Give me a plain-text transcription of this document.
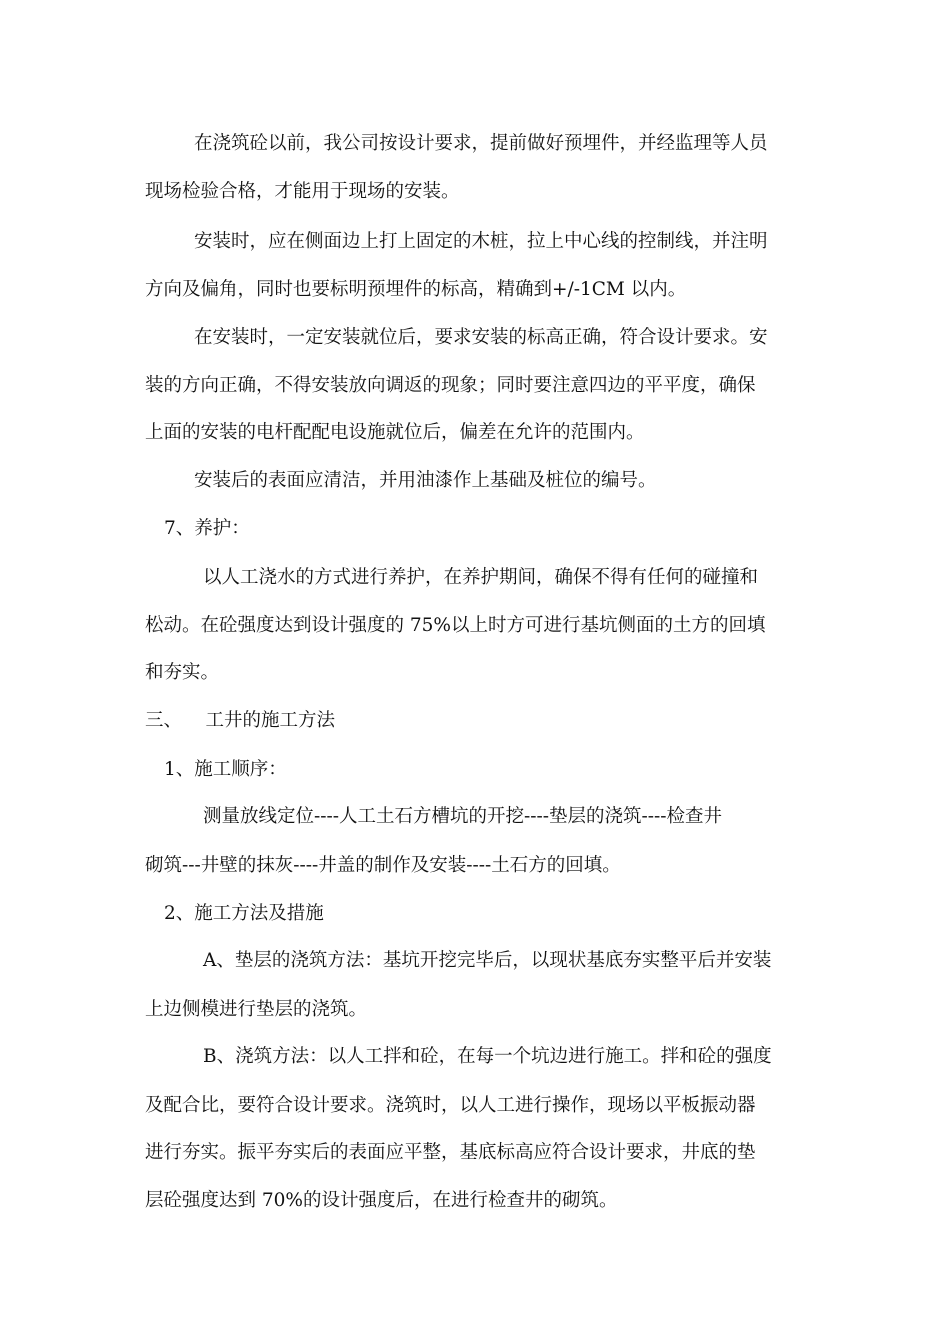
在浇筑砼以前，我公司按设计要求，提前做好预埋件，并经监理等人员
现场检验合格，才能用于现场的安装。
安装时，应在侧面边上打上固定的木桩，拉上中心线的控制线，并注明
方向及偏角，同时也要标明预埋件的标高，精确到+/-1CM 以内。
在安装时，一定安装就位后，要求安装的标高正确，符合设计要求。安
装的方向正确，不得安装放向调返的现象；同时要注意四边的平平度，确保
上面的安装的电杆配配电设施就位后，偏差在允许的范围内。
安装后的表面应清洁，并用油漆作上基础及桩位的编号。
7、养护：
以人工浇水的方式进行养护，在养护期间，确保不得有任何的碰撞和
松动。在砼强度达到设计强度的 75%以上时方可进行基坑侧面的土方的回填
和夯实。
三、    工井的施工方法
1、施工顺序：
测量放线定位----人工土石方槽坑的开挖----垫层的浇筑----检查井
砌筑---井壁的抹灰----井盖的制作及安装----土石方的回填。
2、施工方法及措施
A、垫层的浇筑方法：基坑开挖完毕后，以现状基底夯实整平后并安装
上边侧模进行垫层的浇筑。
B、浇筑方法：以人工拌和砼，在每一个坑边进行施工。拌和砼的强度
及配合比，要符合设计要求。浇筑时，以人工进行操作，现场以平板振动器
进行夯实。振平夯实后的表面应平整，基底标高应符合设计要求，井底的垫
层砼强度达到 70%的设计强度后，在进行检查井的砌筑。
